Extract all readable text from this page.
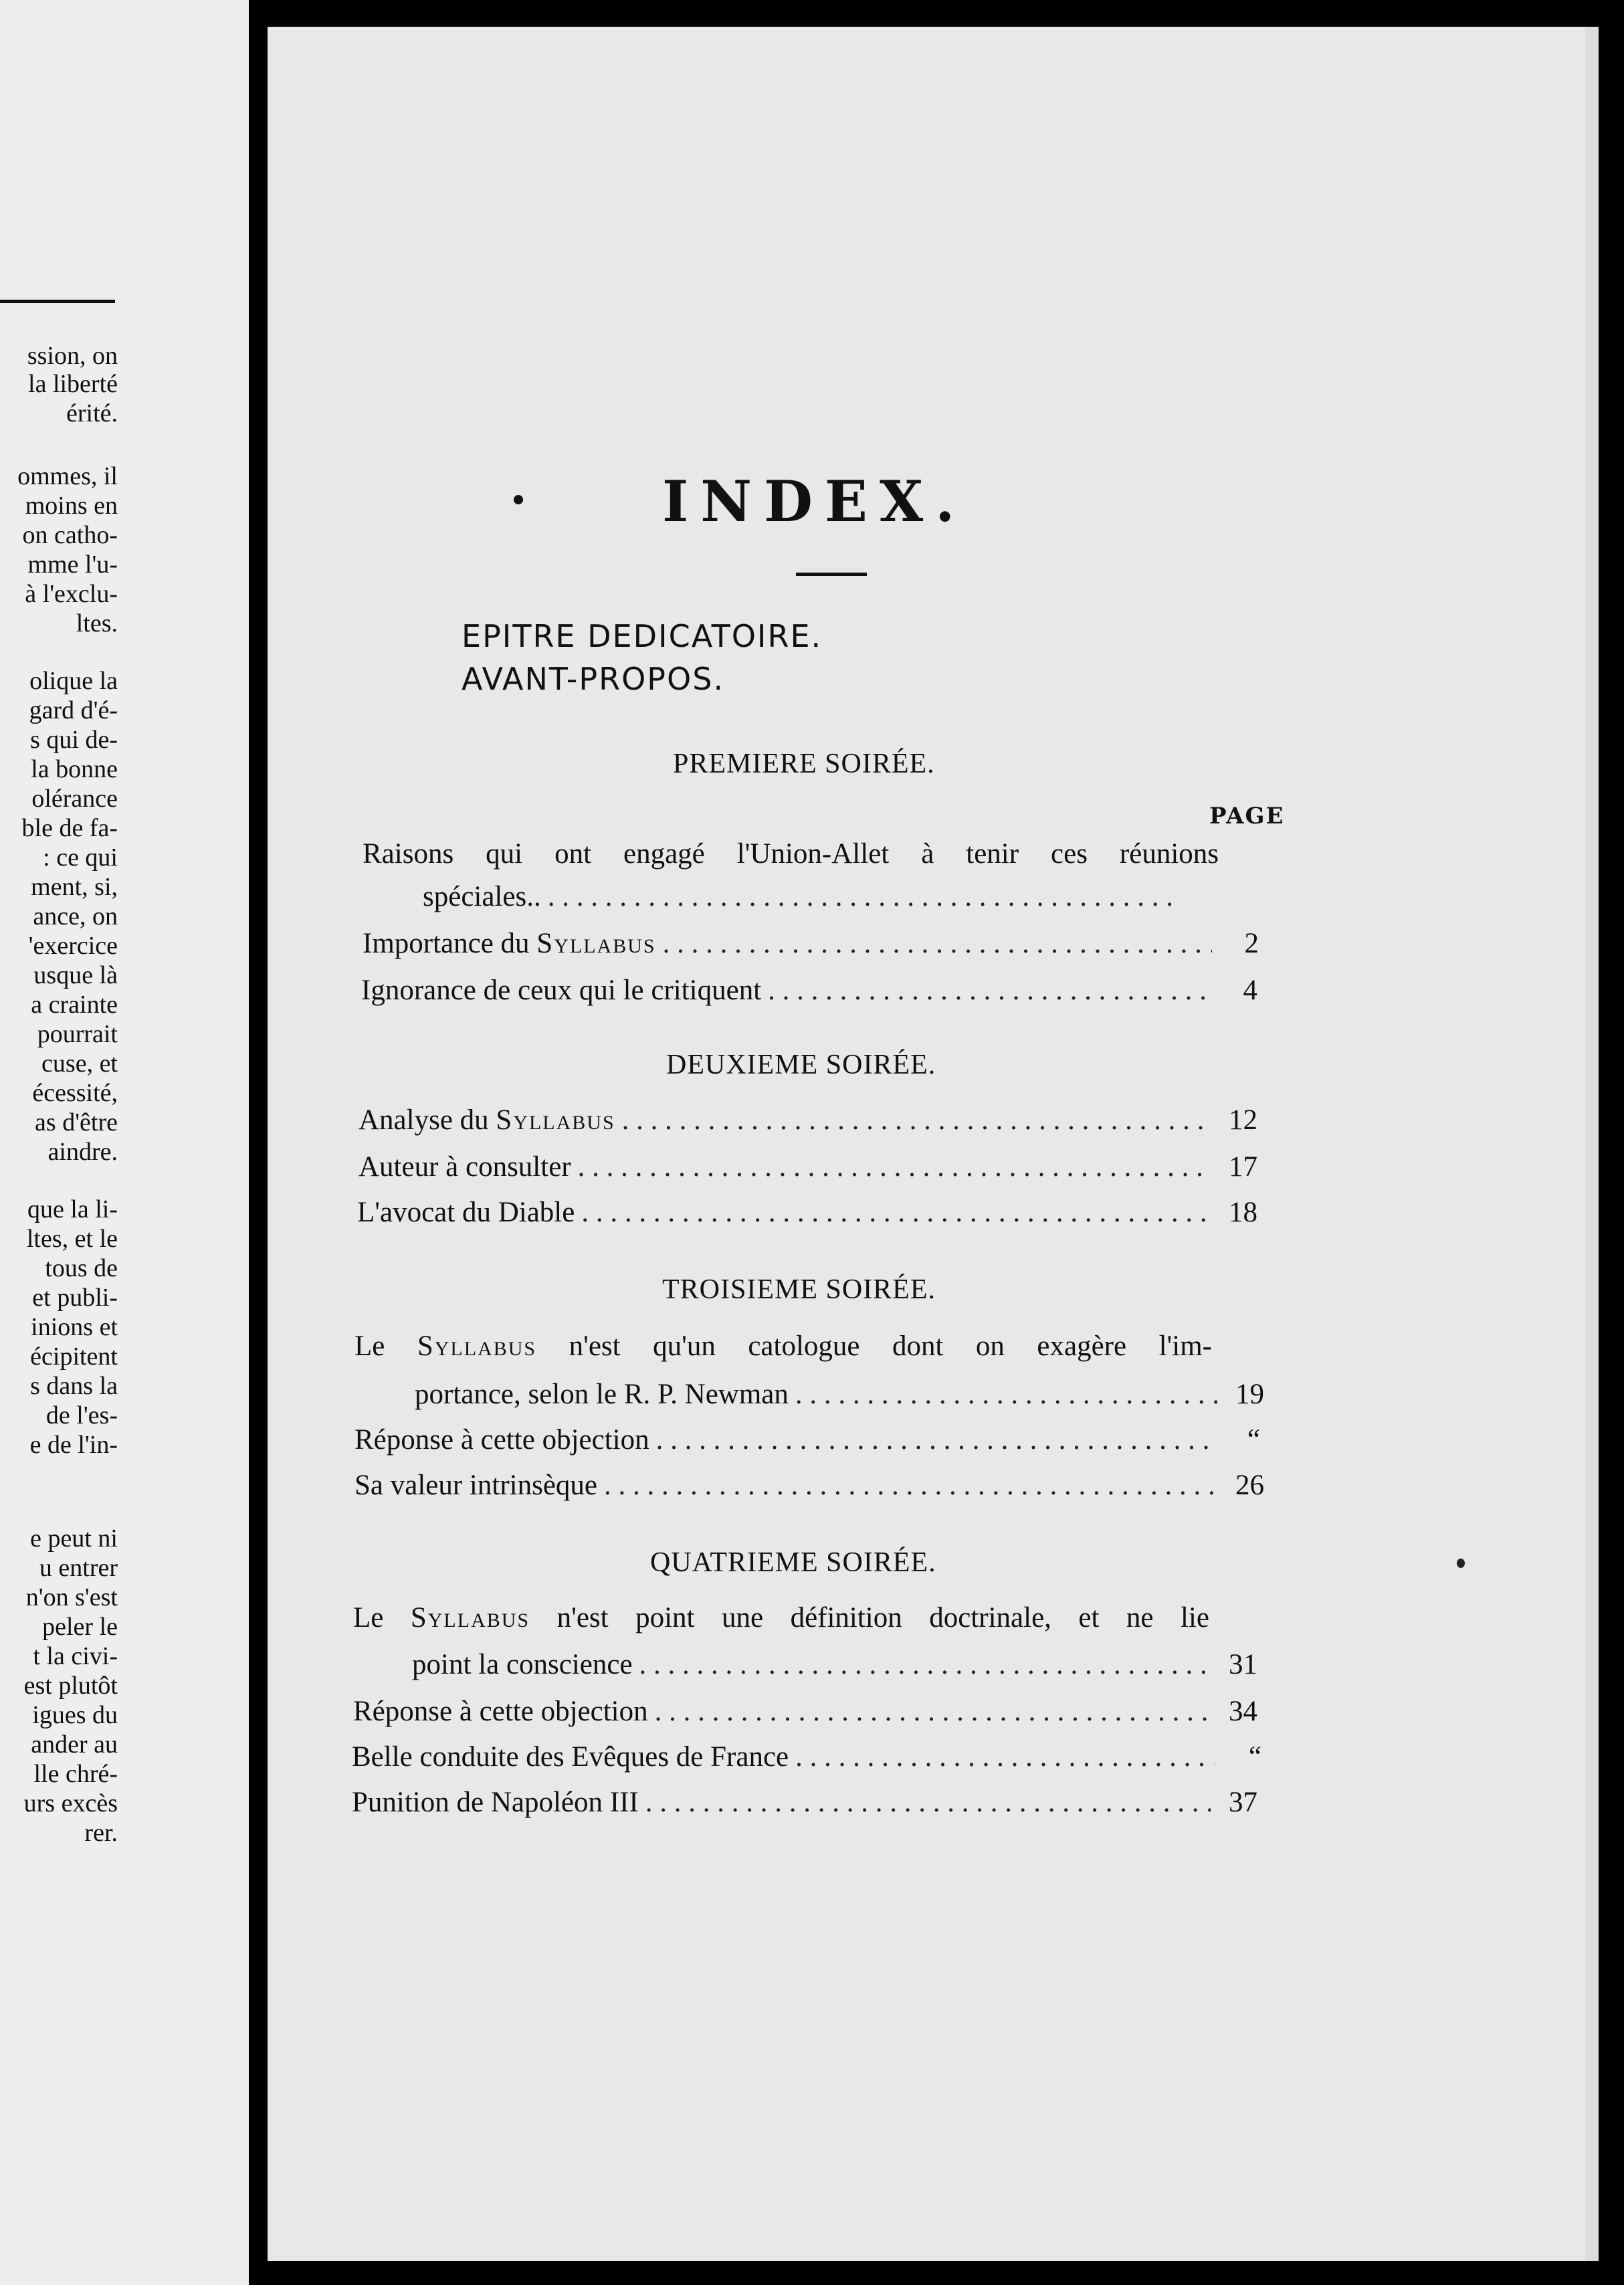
ssion, on
la liberté
érité.
ommes, il
moins en
on catho-
mme l'u-
à l'exclu-
ltes.
olique la
gard d'é-
s qui de-
la bonne
olérance
ble de fa-
: ce qui
ment, si,
ance, on
'exercice
usque là
a crainte
pourrait
cuse, et
écessité,
as d'être
aindre.
que la li-
ltes, et le
tous de
et publi-
inions et
écipitent
s dans la
de l'es-
e de l'in-
e peut ni
u entrer
n'on s'est
peler le
t la civi-
est plutôt
igues du
ander au
lle chré-
urs excès
rer.
INDEX.
EPITRE DEDICATOIRE.
AVANT-PROPOS.
PAGE
PREMIERE SOIRÉE.
Raisons qui ont engagé l'Union-Allet à tenir ces réunions
spéciales..
. . .
Importance du Syllabus . . .	2
Ignorance de ceux qui le critiquent . . .	4
DEUXIEME SOIRÉE.
Analyse du Syllabus . . .	12
Auteur à consulter . . .	17
L'avocat du Diable . . .	18
TROISIEME SOIRÉE.
Le Syllabus n'est qu'un catologue dont on exagère l'im-
portance, selon le R. P. Newman . . .	19
Réponse à cette objection . . .	“
Sa valeur intrinsèque . . .	26
QUATRIEME SOIRÉE.
Le Syllabus n'est point une définition doctrinale, et ne lie
point la conscience . . .	31
Réponse à cette objection . . .	34
Belle conduite des Evêques de France . . .	“
Punition de Napoléon III . . .	37
